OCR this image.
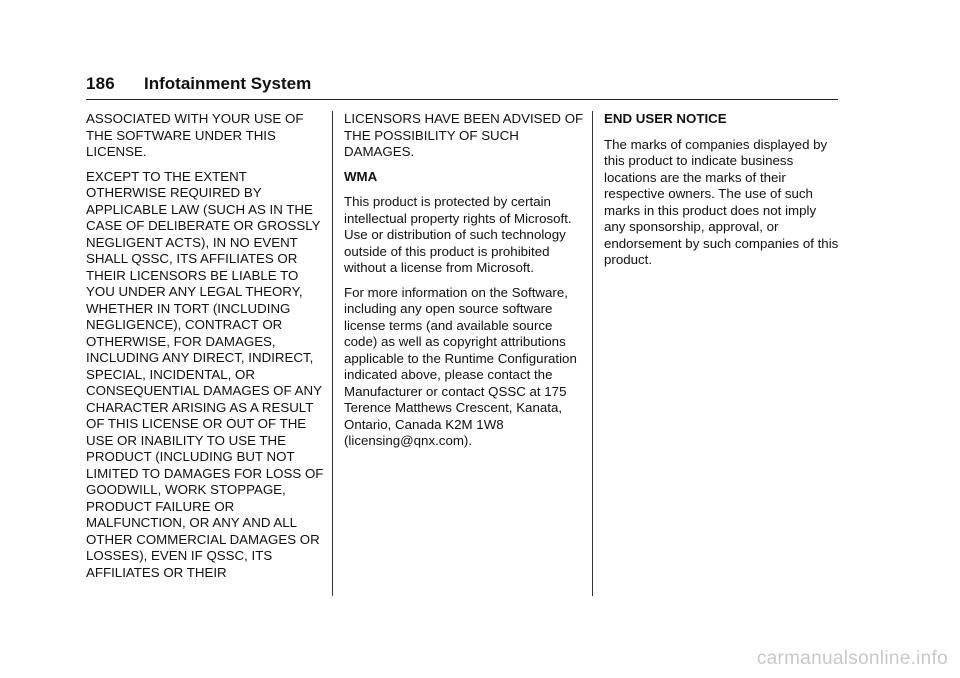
186 Infotainment System

ASSOCIATED WITH YOUR USE OF THE SOFTWARE UNDER THIS LICENSE.

EXCEPT TO THE EXTENT OTHERWISE REQUIRED BY APPLICABLE LAW (SUCH AS IN THE CASE OF DELIBERATE OR GROSSLY NEGLIGENT ACTS), IN NO EVENT SHALL QSSC, ITS AFFILIATES OR THEIR LICENSORS BE LIABLE TO YOU UNDER ANY LEGAL THEORY, WHETHER IN TORT (INCLUDING NEGLIGENCE), CONTRACT OR OTHERWISE, FOR DAMAGES, INCLUDING ANY DIRECT, INDIRECT, SPECIAL, INCIDENTAL, OR CONSEQUENTIAL DAMAGES OF ANY CHARACTER ARISING AS A RESULT OF THIS LICENSE OR OUT OF THE USE OR INABILITY TO USE THE PRODUCT (INCLUDING BUT NOT LIMITED TO DAMAGES FOR LOSS OF GOODWILL, WORK STOPPAGE, PRODUCT FAILURE OR MALFUNCTION, OR ANY AND ALL OTHER COMMERCIAL DAMAGES OR LOSSES), EVEN IF QSSC, ITS AFFILIATES OR THEIR

LICENSORS HAVE BEEN ADVISED OF THE POSSIBILITY OF SUCH DAMAGES.

WMA

This product is protected by certain intellectual property rights of Microsoft. Use or distribution of such technology outside of this product is prohibited without a license from Microsoft.

For more information on the Software, including any open source software license terms (and available source code) as well as copyright attributions applicable to the Runtime Configuration indicated above, please contact the Manufacturer or contact QSSC at 175 Terence Matthews Crescent, Kanata, Ontario, Canada K2M 1W8 (licensing@qnx.com).

END USER NOTICE

The marks of companies displayed by this product to indicate business locations are the marks of their respective owners. The use of such marks in this product does not imply any sponsorship, approval, or endorsement by such companies of this product.

carmanualsonline.info
